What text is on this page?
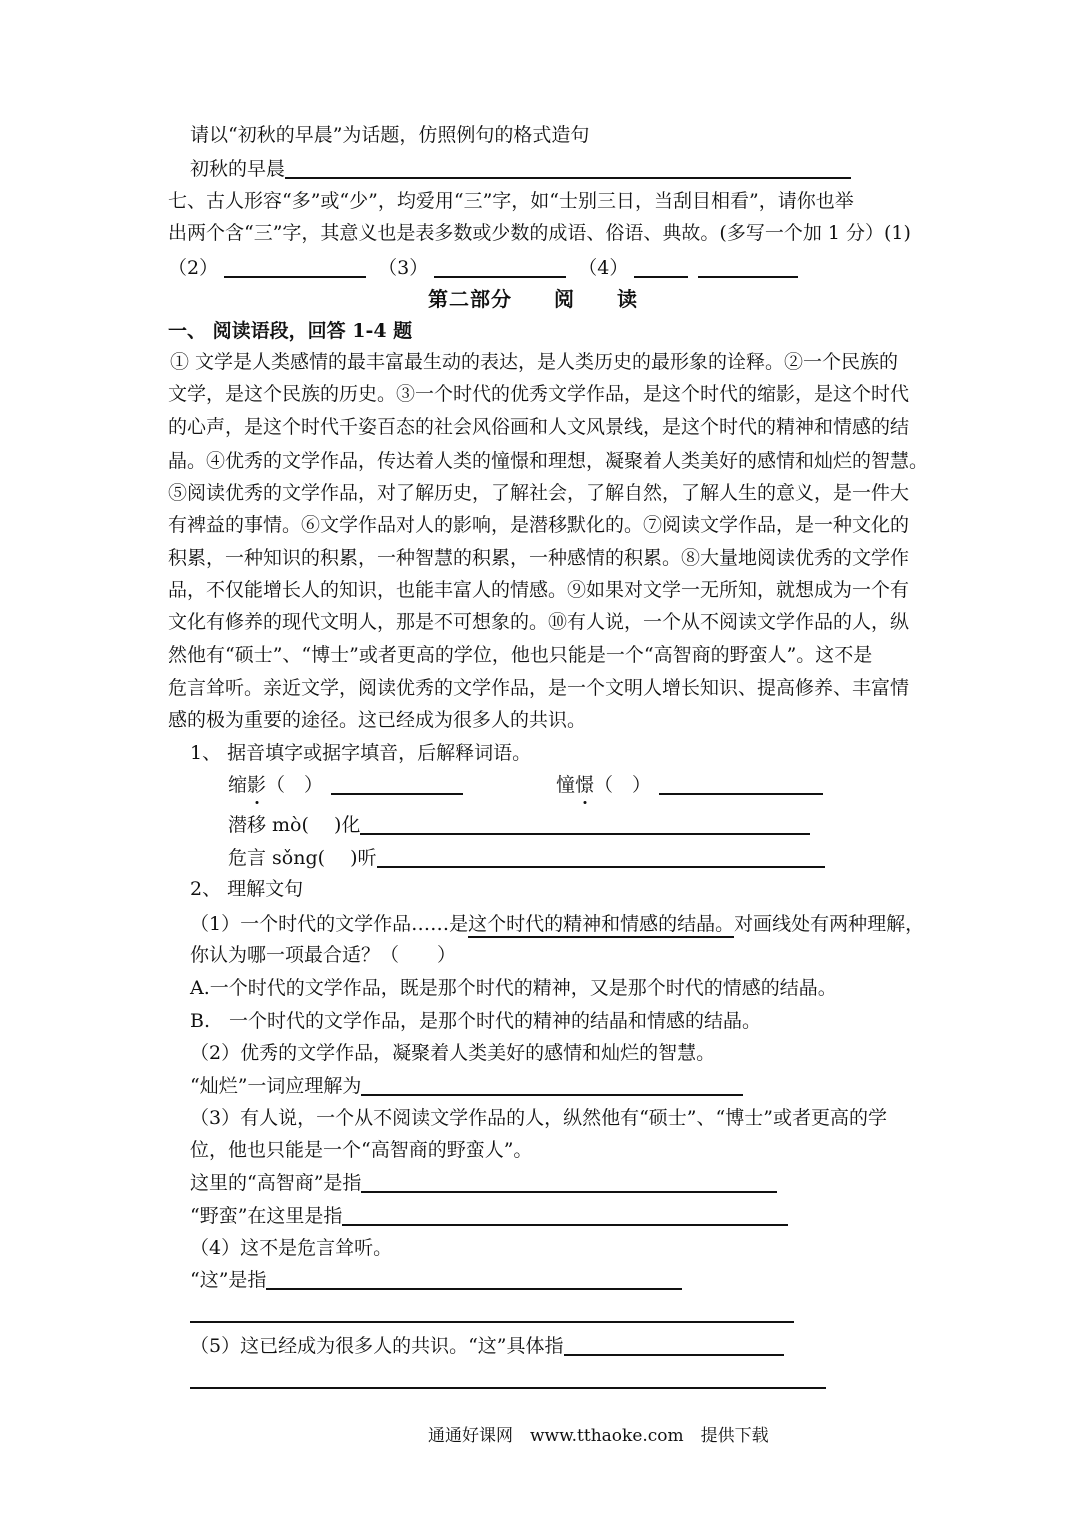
请以“初秋的早晨”为话题，仿照例句的格式造句
初秋的早晨
七、古人形容“多”或“少”，均爱用“三”字，如“士别三日，当刮目相看”，请你也举
出两个含“三”字，其意义也是表多数或少数的成语、俗语、典故。(多写一个加 1 分）(1)
（2）	（3）	（4）
第二部分　　阅　　读
一、 阅读语段，回答 1-4 题
① 文学是人类感情的最丰富最生动的表达，是人类历史的最形象的诠释。②一个民族的
文学，是这个民族的历史。③一个时代的优秀文学作品，是这个时代的缩影，是这个时代
的心声，是这个时代千姿百态的社会风俗画和人文风景线，是这个时代的精神和情感的结
晶。④优秀的文学作品，传达着人类的憧憬和理想，凝聚着人类美好的感情和灿烂的智慧。
⑤阅读优秀的文学作品，对了解历史，了解社会，了解自然，了解人生的意义，是一件大
有裨益的事情。⑥文学作品对人的影响，是潜移默化的。⑦阅读文学作品，是一种文化的
积累，一种知识的积累，一种智慧的积累，一种感情的积累。⑧大量地阅读优秀的文学作
品，不仅能增长人的知识，也能丰富人的情感。⑨如果对文学一无所知，就想成为一个有
文化有修养的现代文明人，那是不可想象的。⑩有人说，一个从不阅读文学作品的人，纵
然他有“硕士”、“博士”或者更高的学位，他也只能是一个“高智商的野蛮人”。这不是
危言耸听。亲近文学，阅读优秀的文学作品，是一个文明人增长知识、提高修养、丰富情
感的极为重要的途径。这已经成为很多人的共识。
1、 据音填字或据字填音，后解释词语。
缩影（　）	憧憬（　）
潜移 mò(　 )化
危言 sǒng(　 )听
2、 理解文句
（1）一个时代的文学作品……是这个时代的精神和情感的结晶。对画线处有两种理解，
你认为哪一项最合适？（　　）
A.一个时代的文学作品，既是那个时代的精神，又是那个时代的情感的结晶。
B.　一个时代的文学作品，是那个时代的精神的结晶和情感的结晶。
（2）优秀的文学作品，凝聚着人类美好的感情和灿烂的智慧。
“灿烂”一词应理解为
（3）有人说，一个从不阅读文学作品的人，纵然他有“硕士”、“博士”或者更高的学
位，他也只能是一个“高智商的野蛮人”。
这里的“高智商”是指
“野蛮”在这里是指
（4）这不是危言耸听。
“这”是指
（5）这已经成为很多人的共识。“这”具体指
通通好课网　www.tthaoke.com　提供下载
